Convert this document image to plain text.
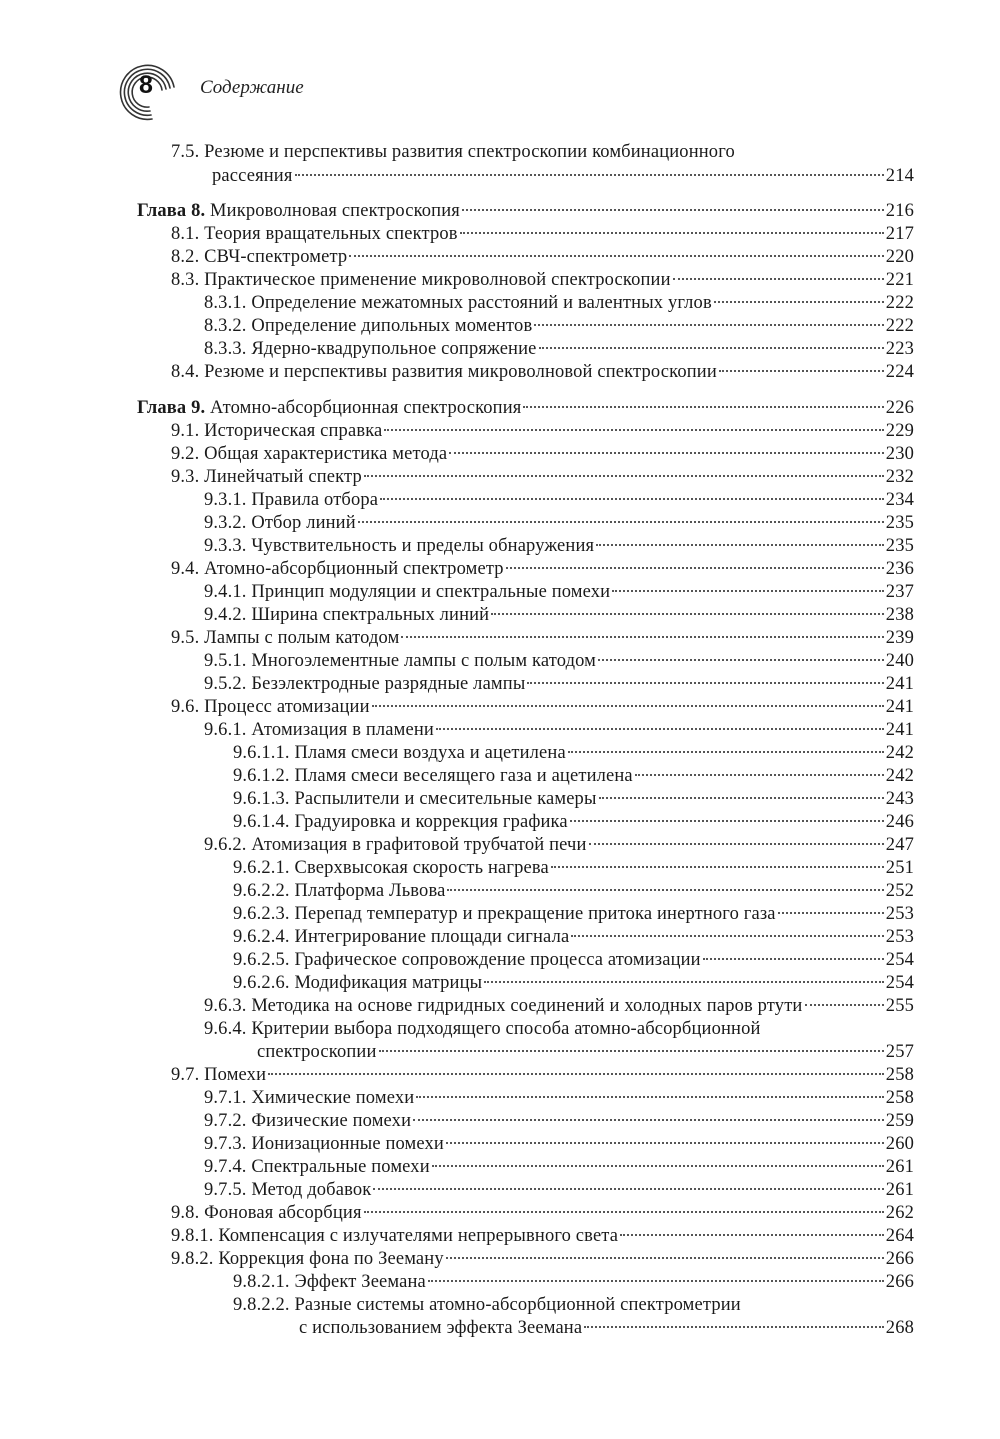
8 Содержание
7.5. Резюме и перспективы развития спектроскопии комбинационного
рассеяния	214
Глава 8. Микроволновая спектроскопия	216
8.1. Теория вращательных спектров	217
8.2. СВЧ-спектрометр	220
8.3. Практическое применение микроволновой спектроскопии	221
8.3.1. Определение межатомных расстояний и валентных углов	222
8.3.2. Определение дипольных моментов	222
8.3.3. Ядерно-квадрупольное сопряжение	223
8.4. Резюме и перспективы развития микроволновой спектроскопии	224
Глава 9. Атомно-абсорбционная спектроскопия	226
9.1. Историческая справка	229
9.2. Общая характеристика метода	230
9.3. Линейчатый спектр	232
9.3.1. Правила отбора	234
9.3.2. Отбор линий	235
9.3.3. Чувствительность и пределы обнаружения	235
9.4. Атомно-абсорбционный спектрометр	236
9.4.1. Принцип модуляции и спектральные помехи	237
9.4.2. Ширина спектральных линий	238
9.5. Лампы с полым катодом	239
9.5.1. Многоэлементные лампы с полым катодом	240
9.5.2. Безэлектродные разрядные лампы	241
9.6. Процесс атомизации	241
9.6.1. Атомизация в пламени	241
9.6.1.1. Пламя смеси воздуха и ацетилена	242
9.6.1.2. Пламя смеси веселящего газа и ацетилена	242
9.6.1.3. Распылители и смесительные камеры	243
9.6.1.4. Градуировка и коррекция графика	246
9.6.2. Атомизация в графитовой трубчатой печи	247
9.6.2.1. Сверхвысокая скорость нагрева	251
9.6.2.2. Платформа Львова	252
9.6.2.3. Перепад температур и прекращение притока инертного газа	253
9.6.2.4. Интегрирование площади сигнала	253
9.6.2.5. Графическое сопровождение процесса атомизации	254
9.6.2.6. Модификация матрицы	254
9.6.3. Методика на основе гидридных соединений и холодных паров ртути	255
9.6.4. Критерии выбора подходящего способа атомно-абсорбционной
спектроскопии	257
9.7. Помехи	258
9.7.1. Химические помехи	258
9.7.2. Физические помехи	259
9.7.3. Ионизационные помехи	260
9.7.4. Спектральные помехи	261
9.7.5. Метод добавок	261
9.8. Фоновая абсорбция	262
9.8.1. Компенсация с излучателями непрерывного света	264
9.8.2. Коррекция фона по Зееману	266
9.8.2.1. Эффект Зеемана	266
9.8.2.2. Разные системы атомно-абсорбционной спектрометрии
с использованием эффекта Зеемана	268
